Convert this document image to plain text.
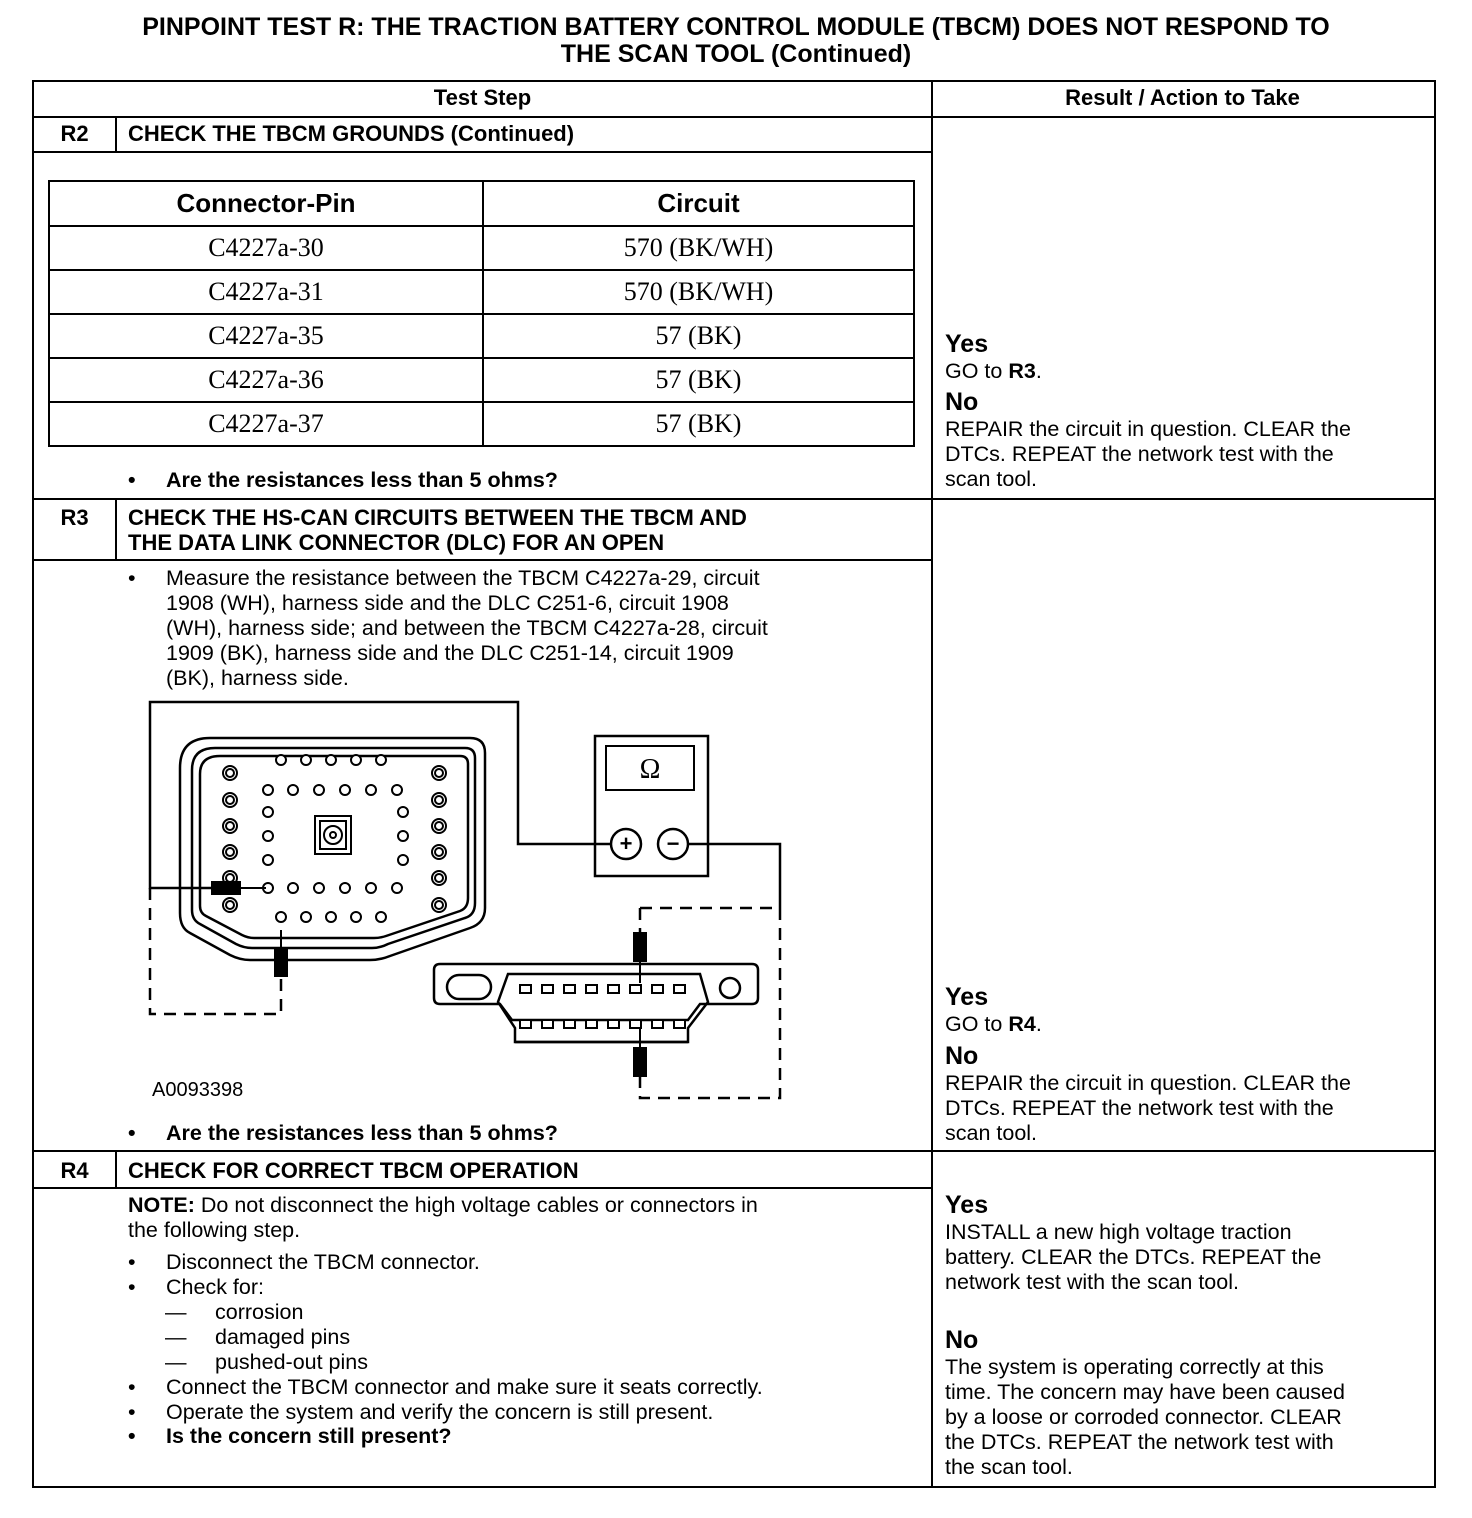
PINPOINT TEST R: THE TRACTION BATTERY CONTROL MODULE (TBCM) DOES NOT RESPOND TO
THE SCAN TOOL (Continued)
Test Step	Result / Action to Take
R2	CHECK THE TBCM GROUNDS (Continued)
Connector-Pin	Circuit
C4227a-30	570 (BK/WH)
C4227a-31	570 (BK/WH)
C4227a-35	57 (BK)
C4227a-36	57 (BK)
C4227a-37	57 (BK)
• Are the resistances less than 5 ohms?
Yes
GO to R3.
No
REPAIR the circuit in question. CLEAR the
DTCs. REPEAT the network test with the
scan tool.
R3	CHECK THE HS-CAN CIRCUITS BETWEEN THE TBCM AND
THE DATA LINK CONNECTOR (DLC) FOR AN OPEN
• Measure the resistance between the TBCM C4227a-29, circuit
1908 (WH), harness side and the DLC C251-6, circuit 1908
(WH), harness side; and between the TBCM C4227a-28, circuit
1909 (BK), harness side and the DLC C251-14, circuit 1909
(BK), harness side.
Ω
+ −
A0093398
• Are the resistances less than 5 ohms?
Yes
GO to R4.
No
REPAIR the circuit in question. CLEAR the
DTCs. REPEAT the network test with the
scan tool.
R4	CHECK FOR CORRECT TBCM OPERATION
NOTE: Do not disconnect the high voltage cables or connectors in
the following step.
• Disconnect the TBCM connector.
• Check for:
— corrosion
— damaged pins
— pushed-out pins
• Connect the TBCM connector and make sure it seats correctly.
• Operate the system and verify the concern is still present.
• Is the concern still present?
Yes
INSTALL a new high voltage traction
battery. CLEAR the DTCs. REPEAT the
network test with the scan tool.
No
The system is operating correctly at this
time. The concern may have been caused
by a loose or corroded connector. CLEAR
the DTCs. REPEAT the network test with
the scan tool.
